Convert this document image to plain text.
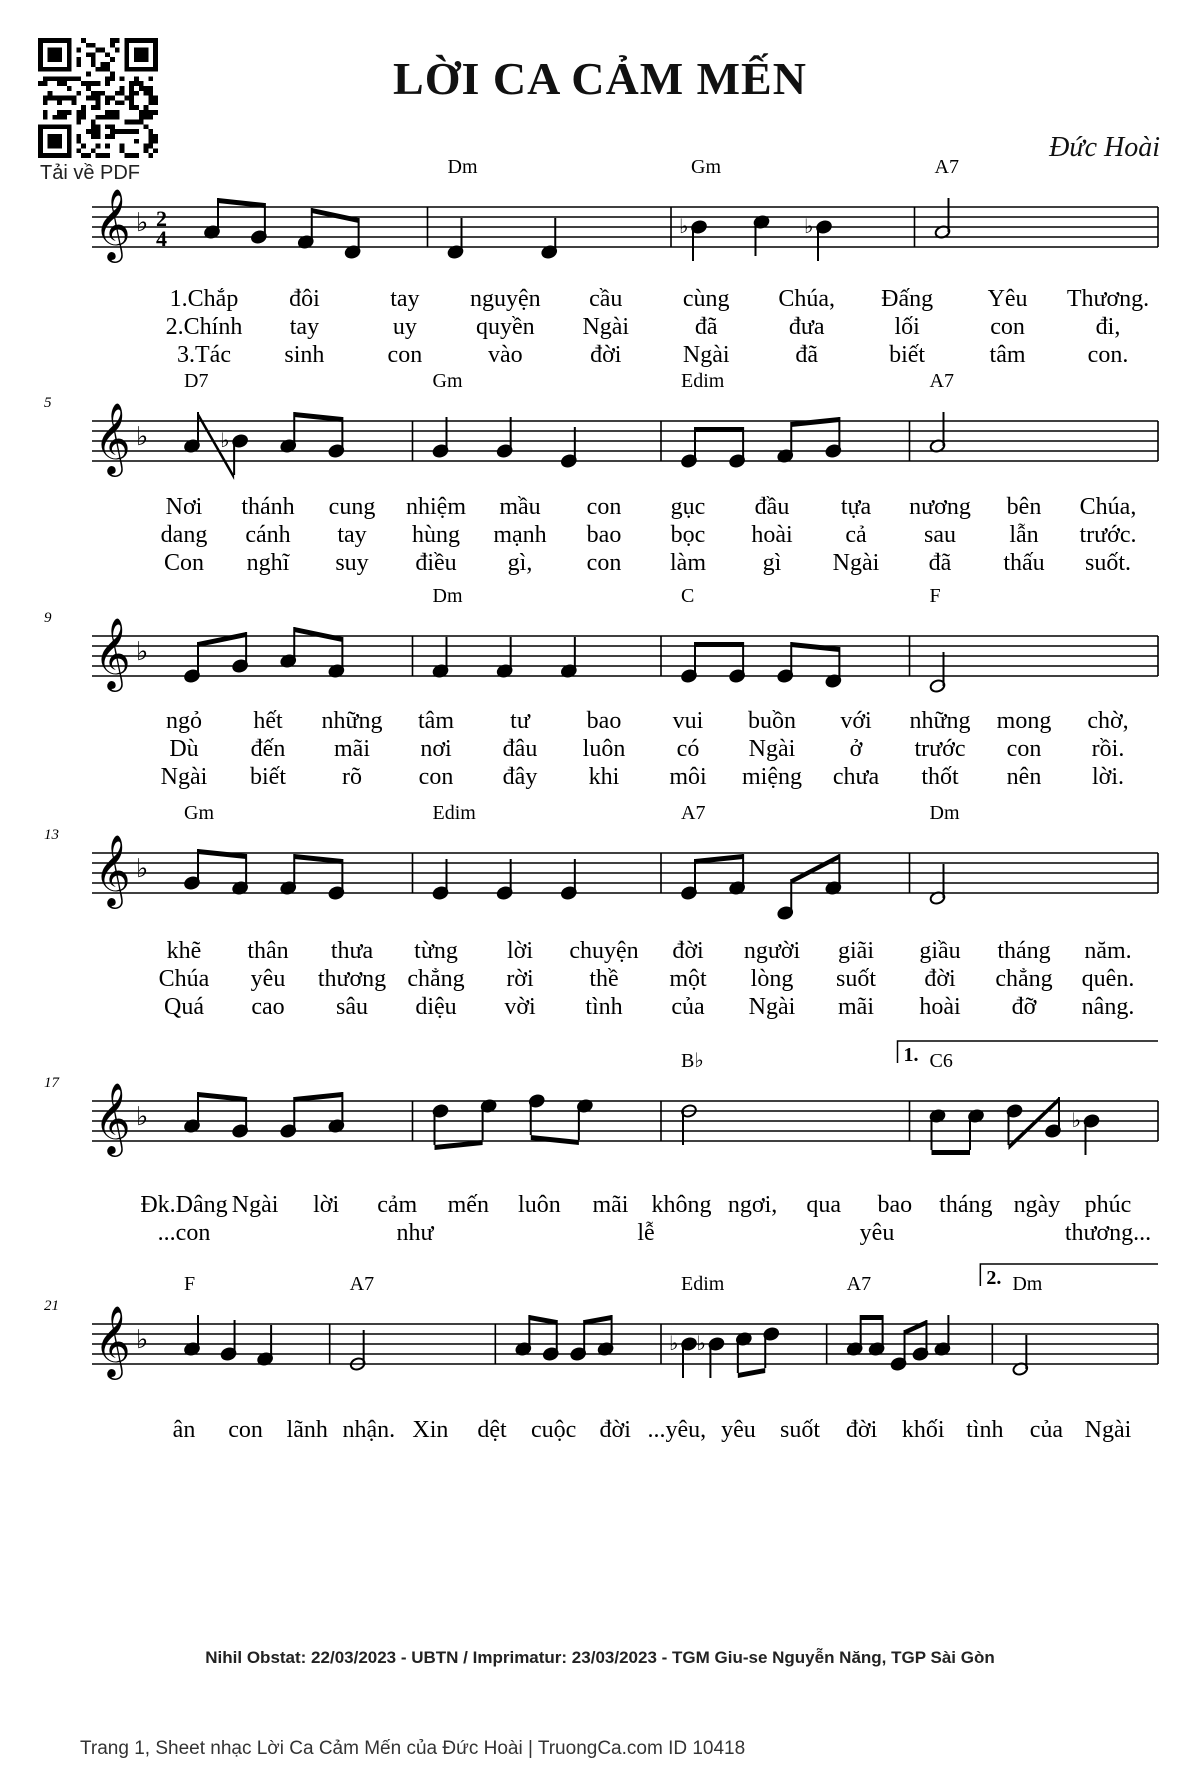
Tải về PDF
LỜI CA CẢM MẾN
Đức Hoài
𝄞 ♭ 2
4	♭	♭
Dm	Gm	A7
1.Chắp đôi	tay nguyện cầu	cùng Chúa, Đấng Yêu Thương.
2.Chính tay	uy quyền Ngài	đã	đưa	lối	con	đi,
3.Tác sinh	con	vào	đời	Ngài	đã	biết	tâm	con.
𝄞 ♭
5
♭
D7	Gm	Edim	A7
Nơi thánh cung nhiệm mầu con gục đầu tựa nương bên Chúa,
dang cánh tay hùng mạnh bao bọc hoài cả sau lẫn trước.
Con nghĩ suy điều gì, con làm gì Ngài đã thấu suốt.
𝄞 ♭
9
Dm	C	F
ngỏ hết những tâm tư bao vui buồn với những mong chờ,
Dù đến mãi nơi đâu luôn có Ngài ở trước con rồi.
Ngài biết rõ con đây khi môi miệng chưa thốt nên lời.
𝄞 ♭
13
Gm	Edim	A7	Dm
khẽ thân thưa từng lời chuyện đời người giãi giầu tháng năm.
Chúa yêu thương chẳng rời thề một lòng suốt đời chẳng quên.
Quá cao sâu diệu vời tình của Ngài mãi hoài đỡ nâng.
𝄞 ♭
17
♭
B♭	C6
1.
Đk.Dâng Ngài lời cảm mến luôn mãi không ngơi, qua bao tháng ngày phúc
...con	như	lễ	yêu	thương...
𝄞 ♭
21
♭ ♭
F	A7	Edim	A7	Dm
2.
ân con lãnh nhận. Xin dệt cuộc đời ...yêu, yêu suốt đời khối tình của Ngài
Nihil Obstat: 22/03/2023 - UBTN / Imprimatur: 23/03/2023 - TGM Giu-se Nguyễn Năng, TGP Sài Gòn
Trang 1, Sheet nhạc Lời Ca Cảm Mến của Đức Hoài | TruongCa.com ID 10418
